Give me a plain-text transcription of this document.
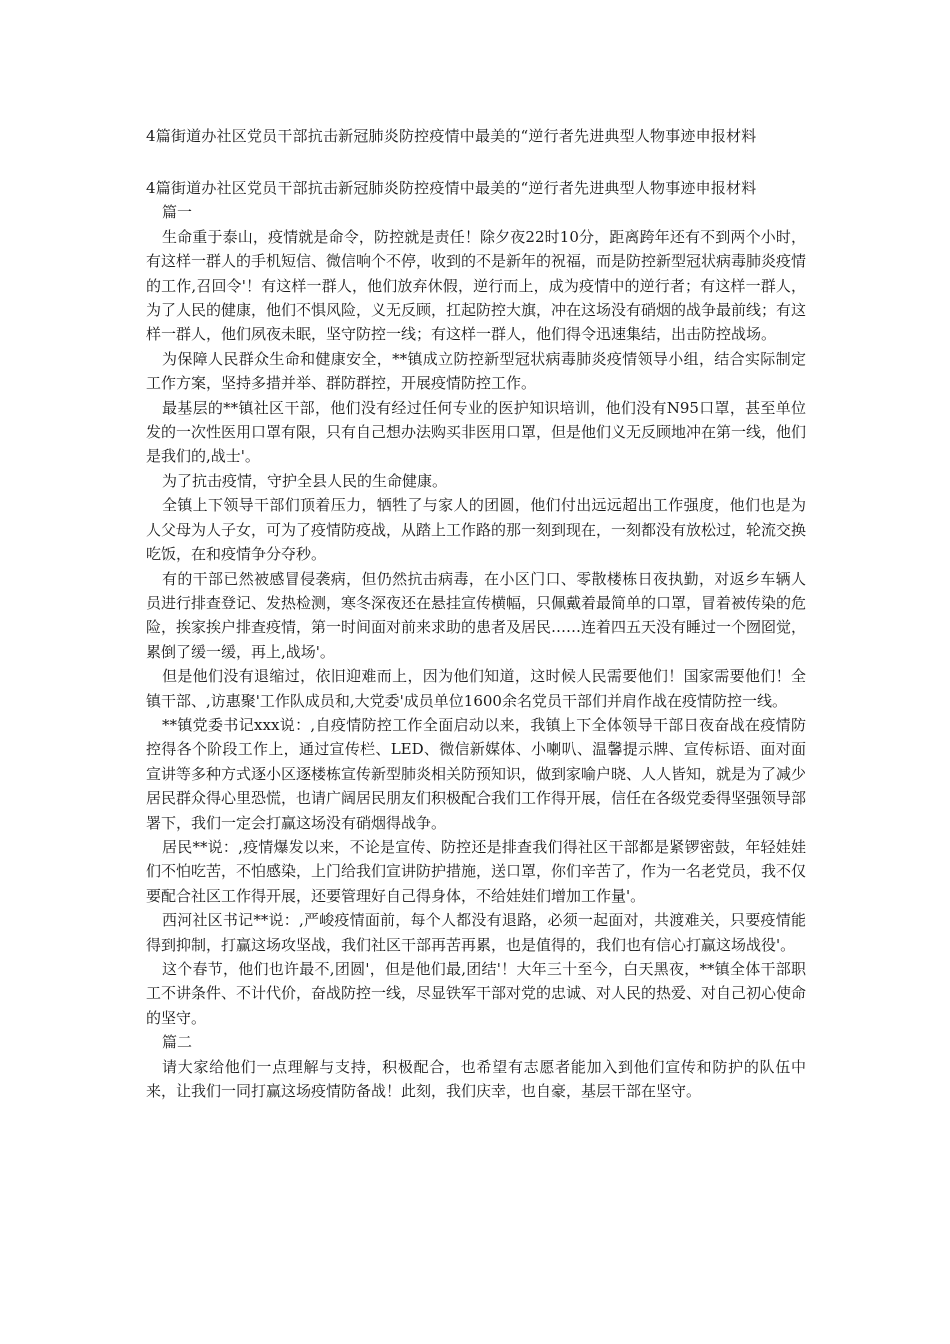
4篇街道办社区党员干部抗击新冠肺炎防控疫情中最美的“逆行者先进典型人物事迹申报材料

4篇街道办社区党员干部抗击新冠肺炎防控疫情中最美的“逆行者先进典型人物事迹申报材料

篇一

生命重于泰山，疫情就是命令，防控就是责任！除夕夜22时10分，距离跨年还有不到两个小时，有这样一群人的手机短信、微信响个不停，收到的不是新年的祝福，而是防控新型冠状病毒肺炎疫情的工作,召回令'！有这样一群人，他们放弃休假，逆行而上，成为疫情中的逆行者；有这样一群人，为了人民的健康，他们不惧风险，义无反顾，扛起防控大旗，冲在这场没有硝烟的战争最前线；有这样一群人，他们夙夜未眠，坚守防控一线；有这样一群人，他们得令迅速集结，出击防控战场。

为保障人民群众生命和健康安全，**镇成立防控新型冠状病毒肺炎疫情领导小组，结合实际制定工作方案，坚持多措并举、群防群控，开展疫情防控工作。

最基层的**镇社区干部，他们没有经过任何专业的医护知识培训，他们没有N95口罩，甚至单位发的一次性医用口罩有限，只有自己想办法购买非医用口罩，但是他们义无反顾地冲在第一线，他们是我们的,战士'。

为了抗击疫情，守护全县人民的生命健康。

全镇上下领导干部们顶着压力，牺牲了与家人的团圆，他们付出远远超出工作强度，他们也是为人父母为人子女，可为了疫情防疫战，从踏上工作路的那一刻到现在，一刻都没有放松过，轮流交换吃饭，在和疫情争分夺秒。

有的干部已然被感冒侵袭病，但仍然抗击病毒，在小区门口、零散楼栋日夜执勤，对返乡车辆人员进行排查登记、发热检测，寒冬深夜还在悬挂宣传横幅，只佩戴着最简单的口罩，冒着被传染的危险，挨家挨户排查疫情，第一时间面对前来求助的患者及居民……连着四五天没有睡过一个囫囵觉，累倒了缓一缓，再上,战场'。

但是他们没有退缩过，依旧迎难而上，因为他们知道，这时候人民需要他们！国家需要他们！全镇干部、,访惠聚'工作队成员和,大党委'成员单位1600余名党员干部们并肩作战在疫情防控一线。

**镇党委书记xxx说：,自疫情防控工作全面启动以来，我镇上下全体领导干部日夜奋战在疫情防控得各个阶段工作上，通过宣传栏、LED、微信新媒体、小喇叭、温馨提示牌、宣传标语、面对面宣讲等多种方式逐小区逐楼栋宣传新型肺炎相关防预知识，做到家喻户晓、人人皆知，就是为了减少居民群众得心里恐慌，也请广阔居民朋友们积极配合我们工作得开展，信任在各级党委得坚强领导部署下，我们一定会打赢这场没有硝烟得战争。

居民**说：,疫情爆发以来，不论是宣传、防控还是排查我们得社区干部都是紧锣密鼓，年轻娃娃们不怕吃苦，不怕感染，上门给我们宣讲防护措施，送口罩，你们辛苦了，作为一名老党员，我不仅要配合社区工作得开展，还要管理好自己得身体，不给娃娃们增加工作量'。

西河社区书记**说：,严峻疫情面前，每个人都没有退路，必须一起面对，共渡难关，只要疫情能得到抑制，打赢这场攻坚战，我们社区干部再苦再累，也是值得的，我们也有信心打赢这场战役'。

这个春节，他们也许最不,团圆'，但是他们最,团结'！大年三十至今，白天黑夜，**镇全体干部职工不讲条件、不计代价，奋战防控一线，尽显铁军干部对党的忠诚、对人民的热爱、对自己初心使命的坚守。

篇二

请大家给他们一点理解与支持，积极配合，也希望有志愿者能加入到他们宣传和防护的队伍中来，让我们一同打赢这场疫情防备战！此刻，我们庆幸，也自豪，基层干部在坚守。
